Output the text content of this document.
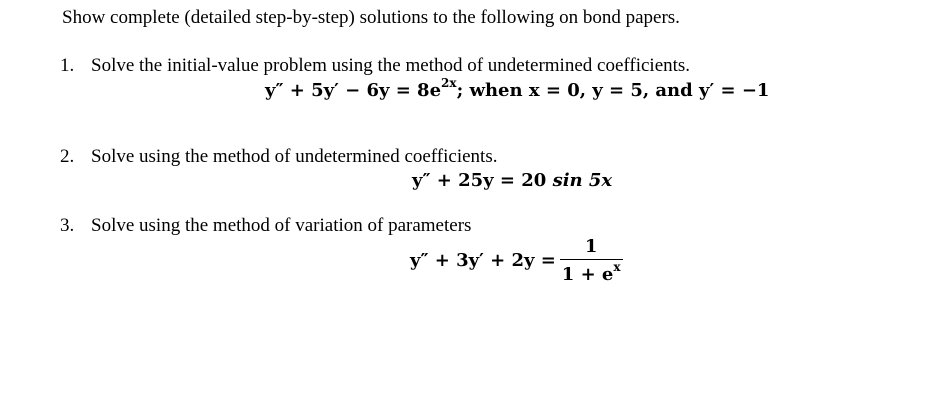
Show complete (detailed step-by-step) solutions to the following on bond papers.
1. Solve the initial-value problem using the method of undetermined coefficients.
$y'' + 5y' - 6y = 8e^{2x}$; when x = 0, y = 5, and y′ = −1
2. Solve using the method of undetermined coefficients.
y″ + 25y = 20 sin 5x
3. Solve using the method of variation of parameters
$y'' + 3y' + 2y = \frac{1}{1 + e^x}$
